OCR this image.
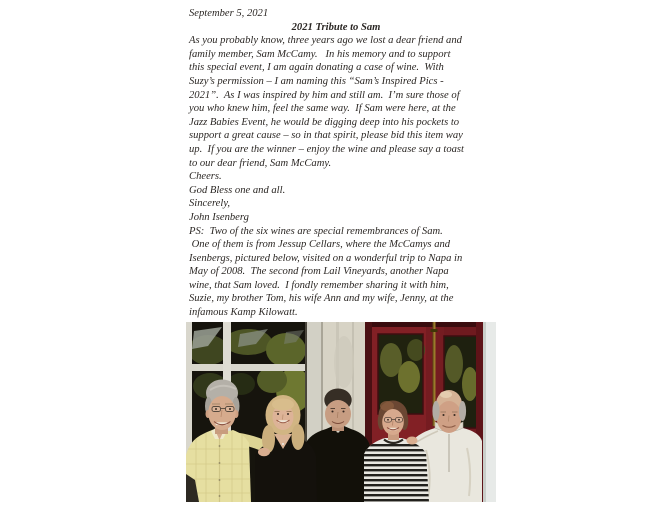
September 5, 2021
2021 Tribute to Sam
As you probably know, three years ago we lost a dear friend and
family member, Sam McCamy.   In his memory and to support
this special event, I am again donating a case of wine.  With
Suzy’s permission – I am naming this “Sam’s Inspired Pics -
2021”.  As I was inspired by him and still am.  I’m sure those of
you who knew him, feel the same way.  If Sam were here, at the
Jazz Babies Event, he would be digging deep into his pockets to
support a great cause – so in that spirit, please bid this item way
up.  If you are the winner – enjoy the wine and please say a toast
to our dear friend, Sam McCamy.
Cheers.
God Bless one and all.
Sincerely,
John Isenberg
PS:  Two of the six wines are special remembrances of Sam.
One of them is from Jessup Cellars, where the McCamys and
Isenbergs, pictured below, visited on a wonderful trip to Napa in
May of 2008.  The second from Lail Vineyards, another Napa
wine, that Sam loved.  I fondly remember sharing it with him,
Suzie, my brother Tom, his wife Ann and my wife, Jenny, at the
infamous Kamp Kilowatt.
